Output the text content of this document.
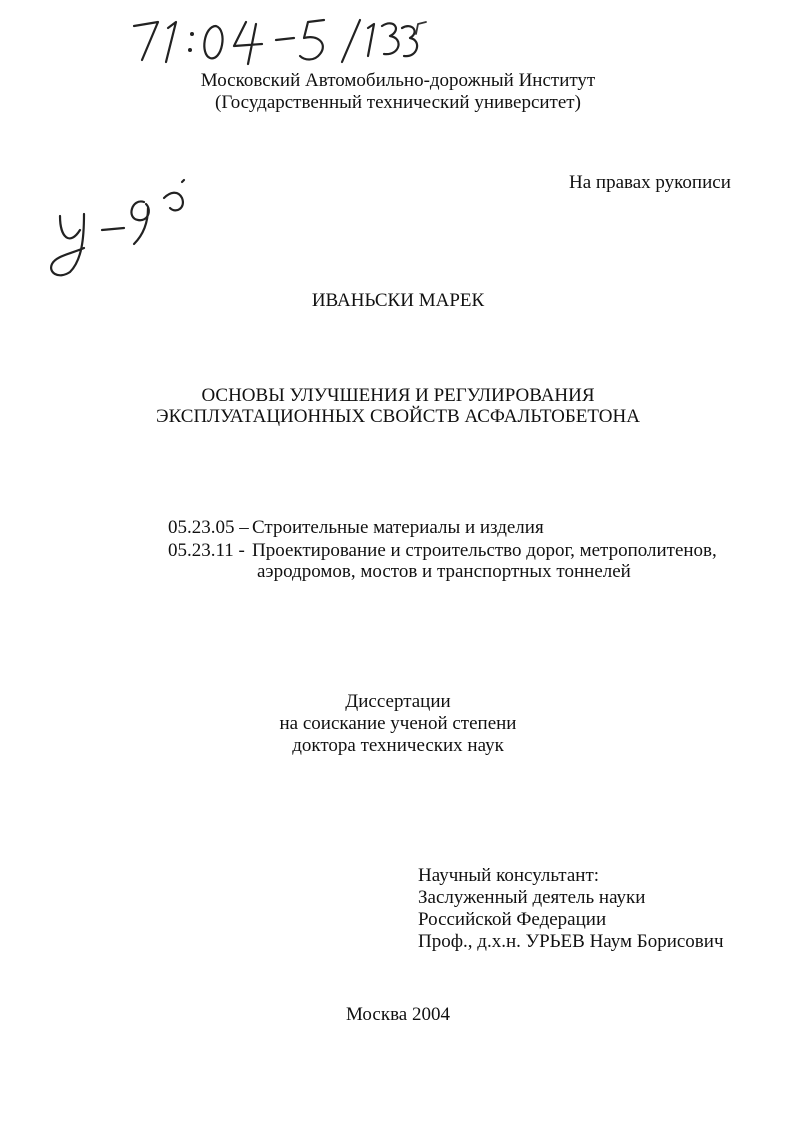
Московский Автомобильно-дорожный Институт
(Государственный технический университет)
На правах рукописи
ИВАНЬСКИ МАРЕК
ОСНОВЫ УЛУЧШЕНИЯ И РЕГУЛИРОВАНИЯ
ЭКСПЛУАТАЦИОННЫХ СВОЙСТВ АСФАЛЬТОБЕТОНА
05.23.05 – Строительные материалы и изделия
05.23.11 - Проектирование и строительство дорог, метрополитенов,
аэродромов, мостов и транспортных тоннелей
Диссертации
на соискание ученой степени
доктора технических наук
Научный консультант:
Заслуженный деятель науки
Российской Федерации
Проф., д.х.н. УРЬЕВ Наум Борисович
Москва 2004
